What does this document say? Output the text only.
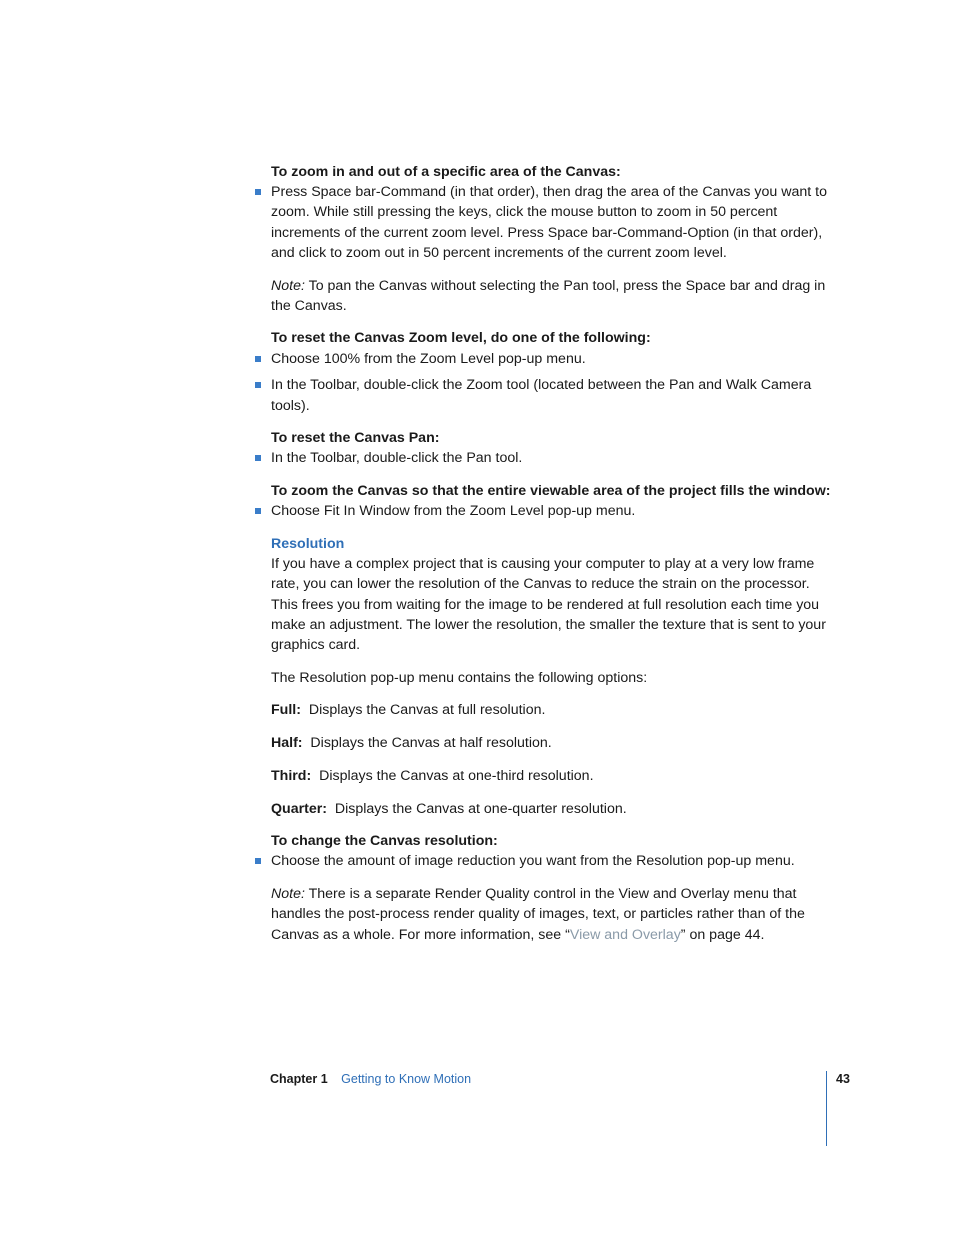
To zoom in and out of a specific area of the Canvas:

Press Space bar-Command (in that order), then drag the area of the Canvas you want to zoom. While still pressing the keys, click the mouse button to zoom in 50 percent increments of the current zoom level. Press Space bar-Command-Option (in that order), and click to zoom out in 50 percent increments of the current zoom level.

Note: To pan the Canvas without selecting the Pan tool, press the Space bar and drag in the Canvas.

To reset the Canvas Zoom level, do one of the following:

Choose 100% from the Zoom Level pop-up menu.
In the Toolbar, double-click the Zoom tool (located between the Pan and Walk Camera tools).

To reset the Canvas Pan:

In the Toolbar, double-click the Pan tool.

To zoom the Canvas so that the entire viewable area of the project fills the window:

Choose Fit In Window from the Zoom Level pop-up menu.

Resolution

If you have a complex project that is causing your computer to play at a very low frame rate, you can lower the resolution of the Canvas to reduce the strain on the processor. This frees you from waiting for the image to be rendered at full resolution each time you make an adjustment. The lower the resolution, the smaller the texture that is sent to your graphics card.

The Resolution pop-up menu contains the following options:

Full: Displays the Canvas at full resolution.

Half: Displays the Canvas at half resolution.

Third: Displays the Canvas at one-third resolution.

Quarter: Displays the Canvas at one-quarter resolution.

To change the Canvas resolution:

Choose the amount of image reduction you want from the Resolution pop-up menu.

Note: There is a separate Render Quality control in the View and Overlay menu that handles the post-process render quality of images, text, or particles rather than of the Canvas as a whole. For more information, see “View and Overlay” on page 44.

Chapter 1 Getting to Know Motion	43
